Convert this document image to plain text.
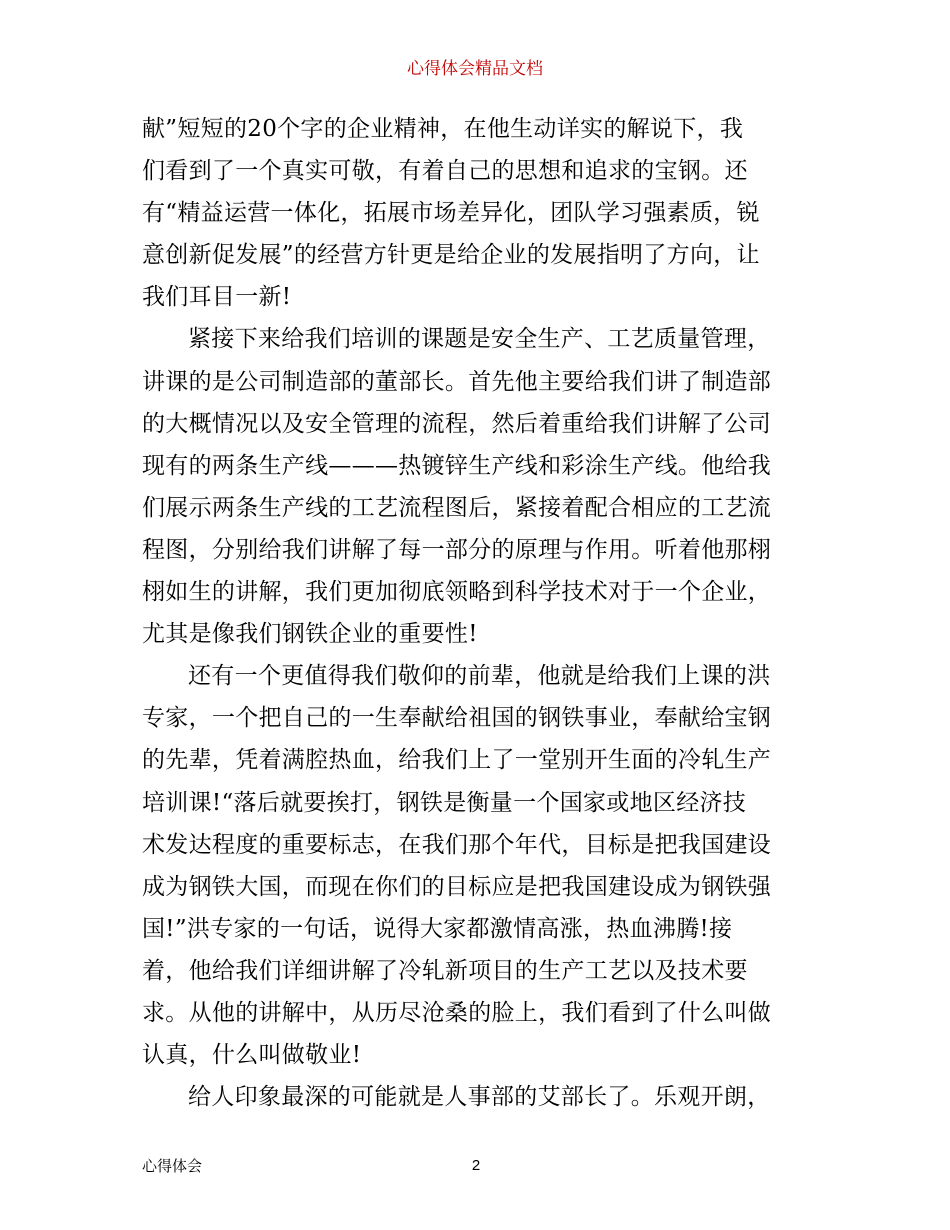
心得体会精品文档
献”短短的20个字的企业精神，在他生动详实的解说下，我
们看到了一个真实可敬，有着自己的思想和追求的宝钢。还
有“精益运营一体化，拓展市场差异化，团队学习强素质，锐
意创新促发展”的经营方针更是给企业的发展指明了方向，让
我们耳目一新!
紧接下来给我们培训的课题是安全生产、工艺质量管理，
讲课的是公司制造部的董部长。首先他主要给我们讲了制造部
的大概情况以及安全管理的流程，然后着重给我们讲解了公司
现有的两条生产线———热镀锌生产线和彩涂生产线。他给我
们展示两条生产线的工艺流程图后，紧接着配合相应的工艺流
程图，分别给我们讲解了每一部分的原理与作用。听着他那栩
栩如生的讲解，我们更加彻底领略到科学技术对于一个企业，
尤其是像我们钢铁企业的重要性!
还有一个更值得我们敬仰的前辈，他就是给我们上课的洪
专家，一个把自己的一生奉献给祖国的钢铁事业，奉献给宝钢
的先辈，凭着满腔热血，给我们上了一堂别开生面的冷轧生产
培训课!“落后就要挨打，钢铁是衡量一个国家或地区经济技
术发达程度的重要标志，在我们那个年代，目标是把我国建设
成为钢铁大国，而现在你们的目标应是把我国建设成为钢铁强
国!”洪专家的一句话，说得大家都激情高涨，热血沸腾!接
着，他给我们详细讲解了冷轧新项目的生产工艺以及技术要
求。从他的讲解中，从历尽沧桑的脸上，我们看到了什么叫做
认真，什么叫做敬业!
给人印象最深的可能就是人事部的艾部长了。乐观开朗，
心得体会	2
